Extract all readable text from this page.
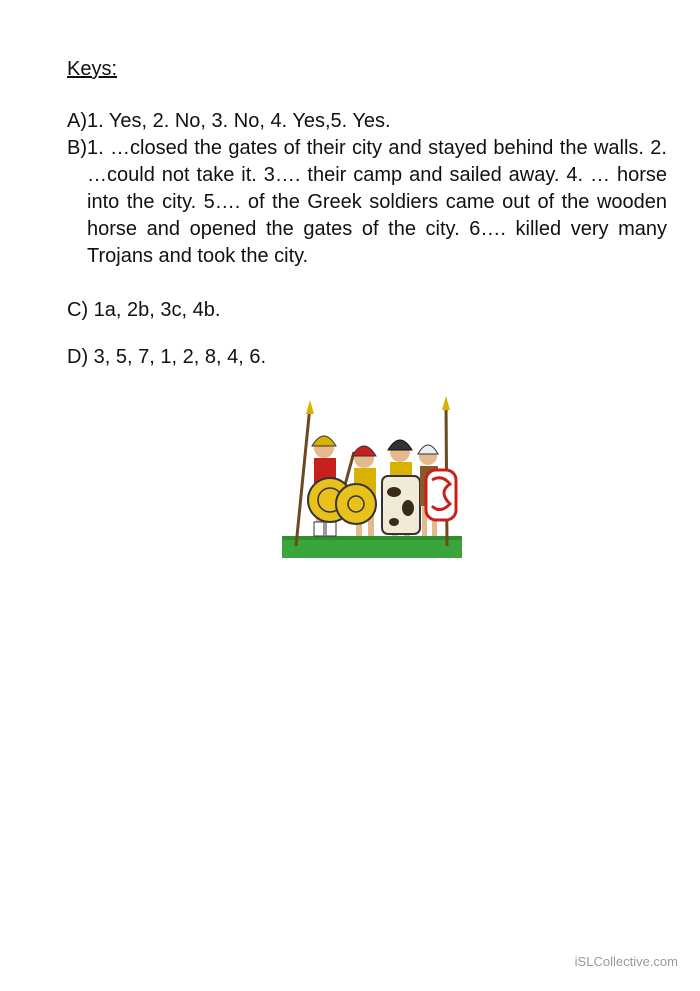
Keys:

A)1. Yes, 2. No, 3. No, 4. Yes,5. Yes.

B) 1. …closed the gates of their city and stayed behind the walls. 2. …could not take it. 3…. their camp and sailed away. 4. … horse into the city. 5…. of the Greek soldiers came out of the wooden horse and opened the gates of the city. 6…. killed very many Trojans and took the city.

C) 1a, 2b, 3c, 4b.

D) 3, 5, 7, 1, 2, 8, 4, 6.

iSLCollective.com
